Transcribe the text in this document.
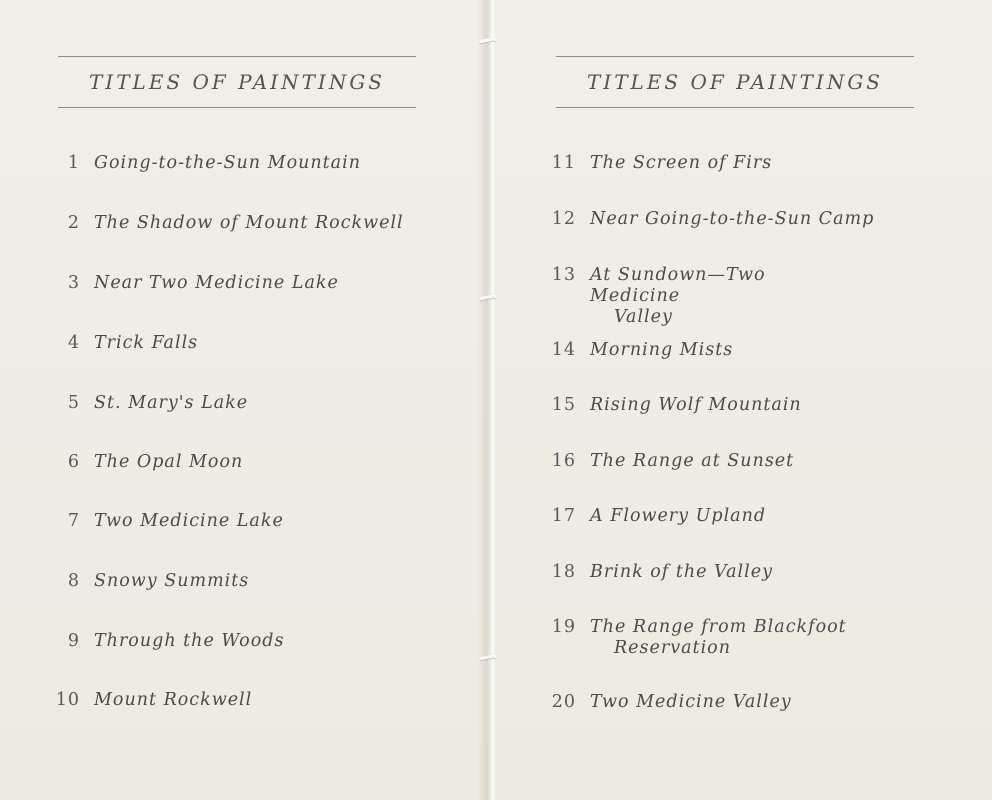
TITLES OF PAINTINGS
1 Going-to-the-Sun Mountain
2 The Shadow of Mount Rockwell
3 Near Two Medicine Lake
4 Trick Falls
5 St. Mary's Lake
6 The Opal Moon
7 Two Medicine Lake
8 Snowy Summits
9 Through the Woods
10 Mount Rockwell
TITLES OF PAINTINGS
11 The Screen of Firs
12 Near Going-to-the-Sun Camp
13 At Sundown—Two Medicine
Valley
14 Morning Mists
15 Rising Wolf Mountain
16 The Range at Sunset
17 A Flowery Upland
18 Brink of the Valley
19 The Range from Blackfoot
Reservation
20 Two Medicine Valley
